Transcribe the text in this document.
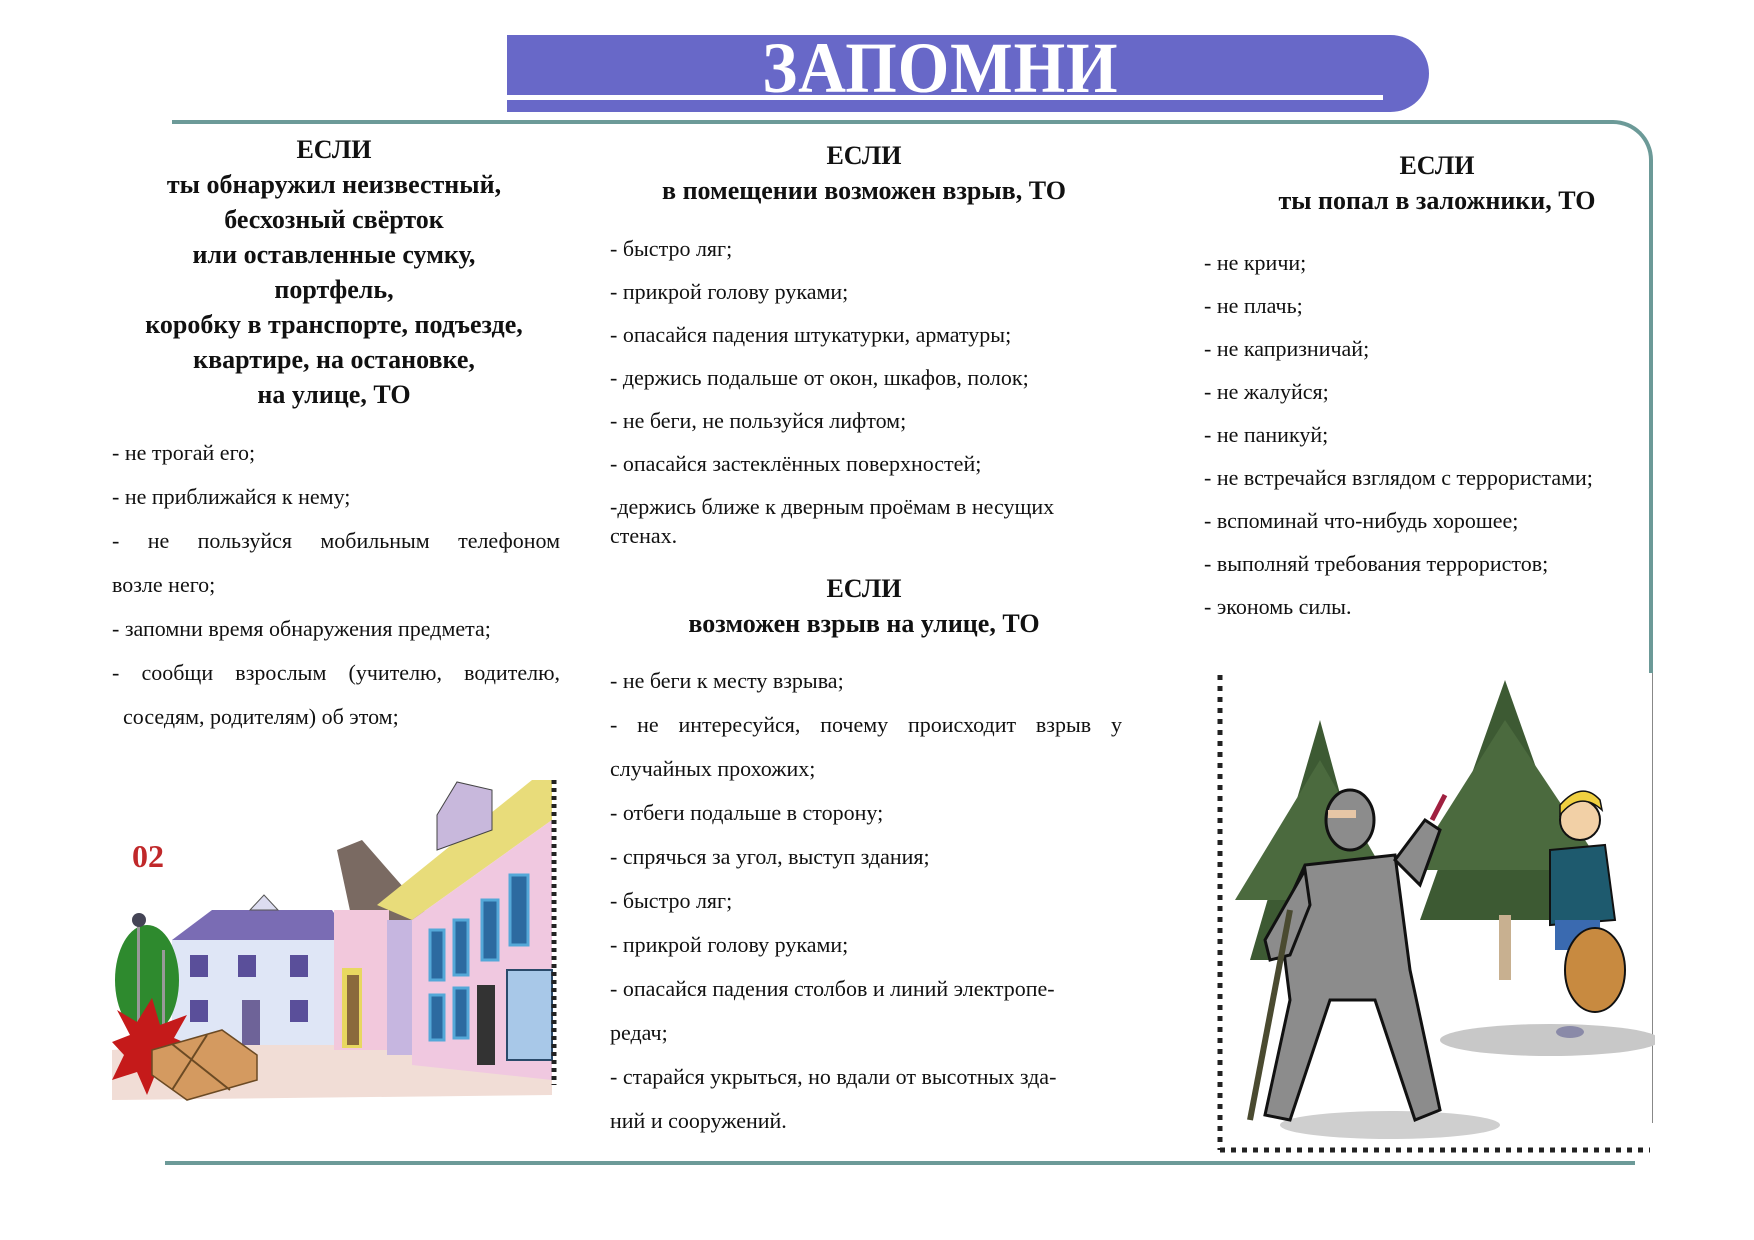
ЗАПОМНИ
ЕСЛИ
ты обнаружил неизвестный,
бесхозный свёрток
или оставленные сумку,
портфель,
коробку в транспорте, подъезде,
квартире, на остановке,
на улице, ТО
- не трогай его;
- не приближайся к нему;
-  не  пользуйся  мобильным  телефоном
возле него;
- запомни время обнаружения предмета;
-  сообщи  взрослым  (учителю,  водителю,
соседям, родителям) об этом;
02
ЕСЛИ
в помещении возможен взрыв, ТО
- быстро ляг;
- прикрой голову руками;
- опасайся падения штукатурки, арматуры;
- держись подальше от окон, шкафов, полок;
- не беги, не пользуйся лифтом;
- опасайся застеклённых поверхностей;
-держись ближе к дверным проёмам в несущих
стенах.
ЕСЛИ
возможен взрыв на улице, ТО
- не беги к месту взрыва;
-  не  интересуйся,  почему  происходит  взрыв  у
случайных прохожих;
- отбеги подальше в сторону;
- спрячься за угол, выступ здания;
- быстро ляг;
- прикрой голову руками;
- опасайся падения столбов и линий электропе-
редач;
- старайся укрыться, но вдали от высотных зда-
ний и сооружений.
ЕСЛИ
ты попал в заложники, ТО
- не кричи;
- не плачь;
- не капризничай;
- не жалуйся;
- не паникуй;
- не встречайся взглядом с террористами;
- вспоминай что-нибудь хорошее;
- выполняй требования террористов;
- экономь силы.
